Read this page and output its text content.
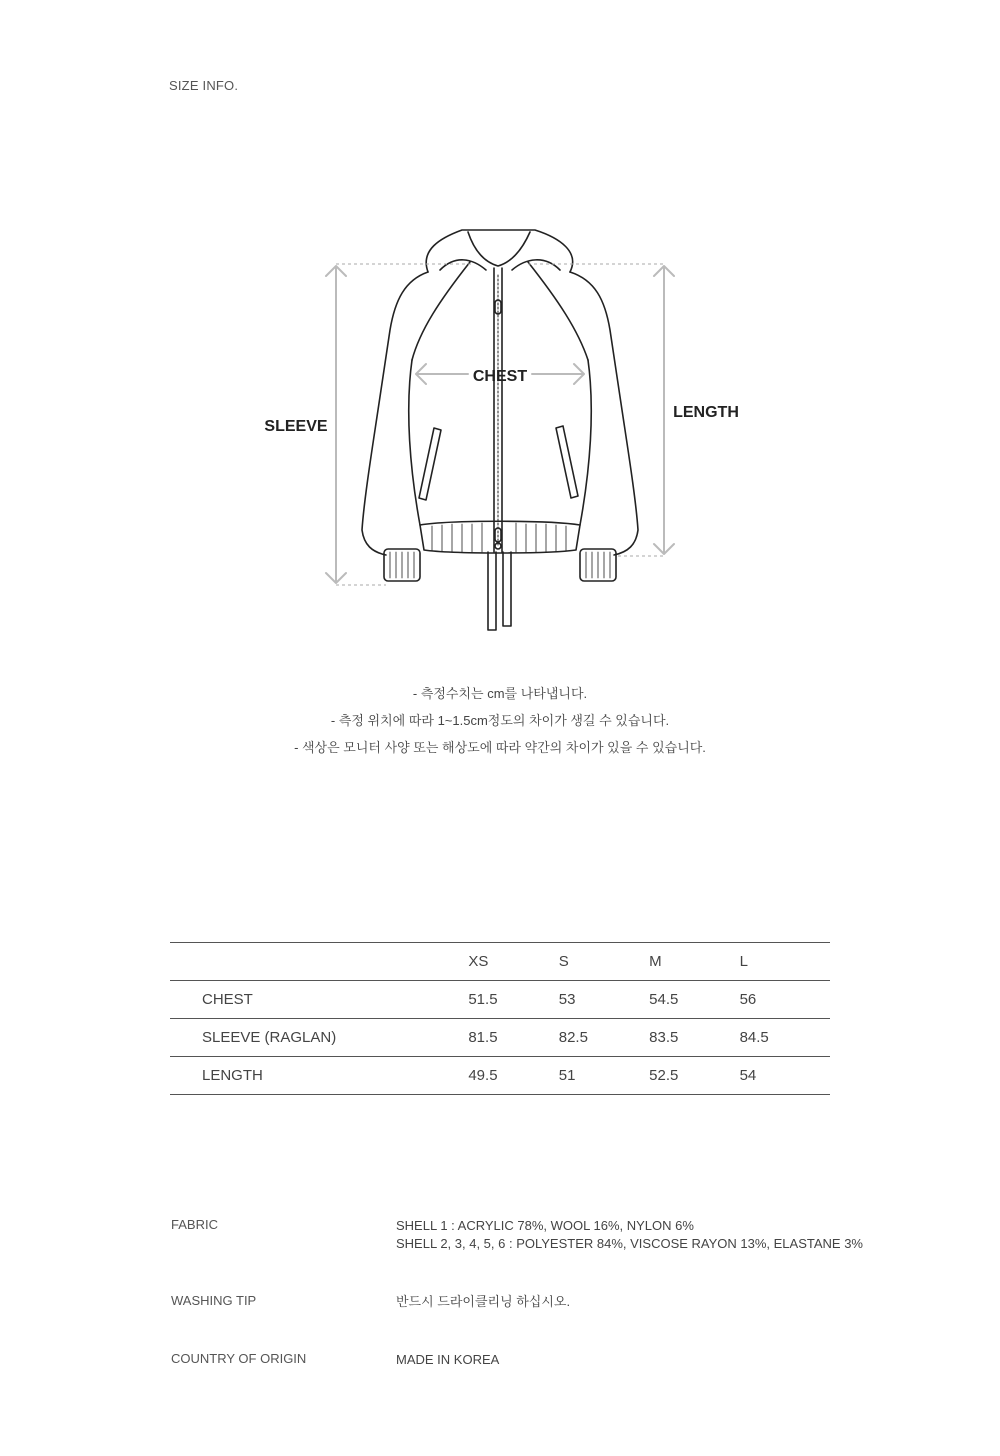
SIZE INFO.
SLEEVE
CHEST
LENGTH
- 측정수치는 cm를 나타냅니다.
- 측정 위치에 따라 1~1.5cm정도의 차이가 생길 수 있습니다.
- 색상은 모니터 사양 또는 해상도에 따라 약간의 차이가 있을 수 있습니다.
	XS	S	M	L
CHEST	51.5	53	54.5	56
SLEEVE (RAGLAN)	81.5	82.5	83.5	84.5
LENGTH	49.5	51	52.5	54
FABRIC	SHELL 1 : ACRYLIC 78%, WOOL 16%, NYLON 6%
SHELL 2, 3, 4, 5, 6 : POLYESTER 84%, VISCOSE RAYON 13%, ELASTANE 3%
WASHING TIP	반드시 드라이클리닝 하십시오.
COUNTRY OF ORIGIN	MADE IN KOREA
